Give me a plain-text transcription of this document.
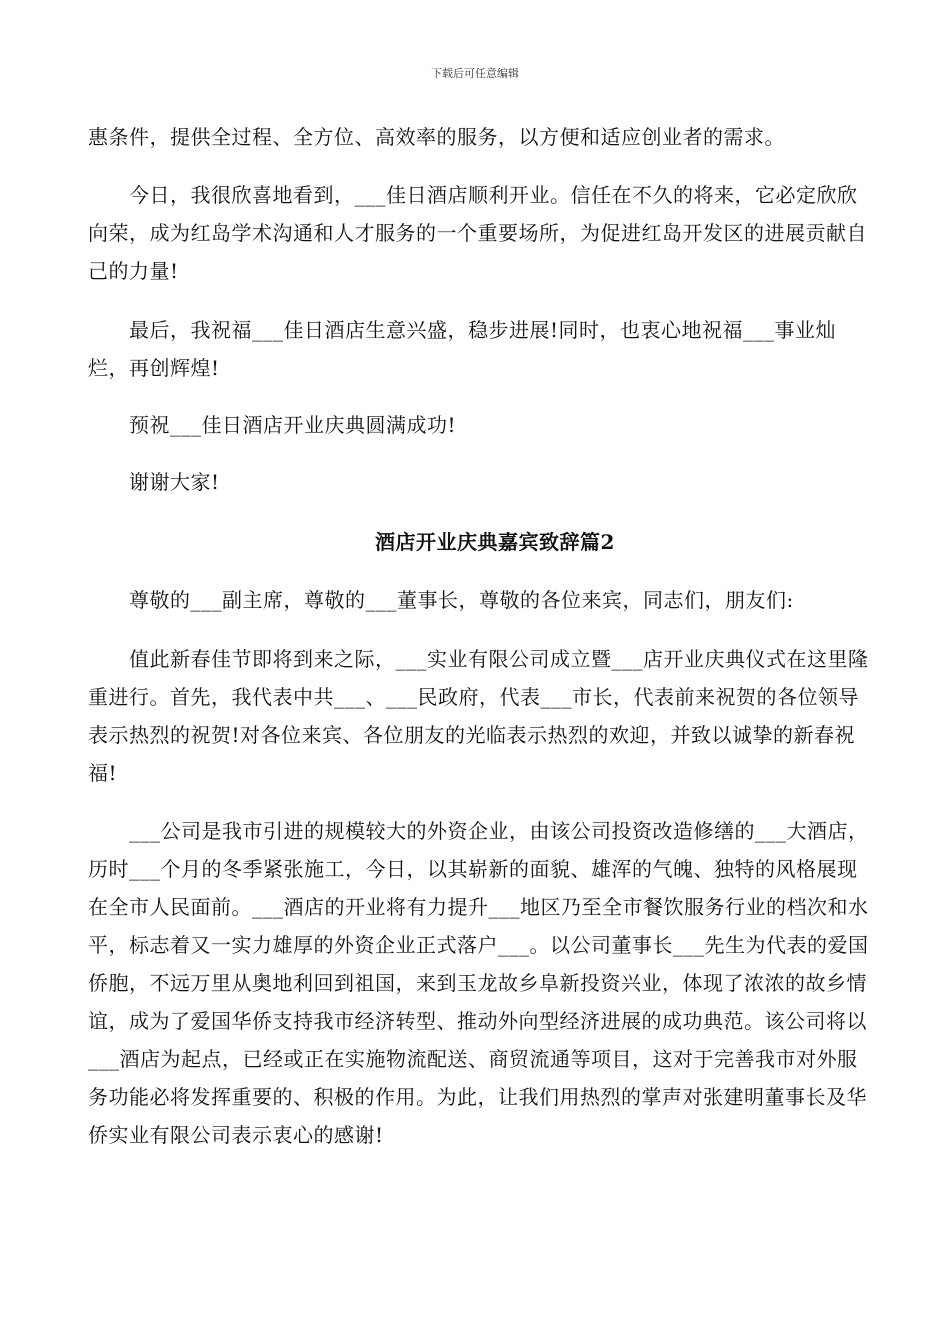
下载后可任意编辑

惠条件，提供全过程、全方位、高效率的服务，以方便和适应创业者的需求。

　　今日，我很欣喜地看到，___佳日酒店顺利开业。信任在不久的将来，它必定欣欣向荣，成为红岛学术沟通和人才服务的一个重要场所，为促进红岛开发区的进展贡献自己的力量!

　　最后，我祝福___佳日酒店生意兴盛，稳步进展!同时，也衷心地祝福___事业灿烂，再创辉煌!

　　预祝___佳日酒店开业庆典圆满成功!

　　谢谢大家!

酒店开业庆典嘉宾致辞篇2

　　尊敬的___副主席，尊敬的___董事长，尊敬的各位来宾，同志们，朋友们:

　　值此新春佳节即将到来之际，___实业有限公司成立暨___店开业庆典仪式在这里隆重进行。首先，我代表中共___、___民政府，代表___市长，代表前来祝贺的各位领导表示热烈的祝贺!对各位来宾、各位朋友的光临表示热烈的欢迎，并致以诚挚的新春祝福!

　　___公司是我市引进的规模较大的外资企业，由该公司投资改造修缮的___大酒店，历时___个月的冬季紧张施工，今日，以其崭新的面貌、雄浑的气魄、独特的风格展现在全市人民面前。___酒店的开业将有力提升___地区乃至全市餐饮服务行业的档次和水平，标志着又一实力雄厚的外资企业正式落户___。以公司董事长___先生为代表的爱国侨胞，不远万里从奥地利回到祖国，来到玉龙故乡阜新投资兴业，体现了浓浓的故乡情谊，成为了爱国华侨支持我市经济转型、推动外向型经济进展的成功典范。该公司将以___酒店为起点，已经或正在实施物流配送、商贸流通等项目，这对于完善我市对外服务功能必将发挥重要的、积极的作用。为此，让我们用热烈的掌声对张建明董事长及华侨实业有限公司表示衷心的感谢!
